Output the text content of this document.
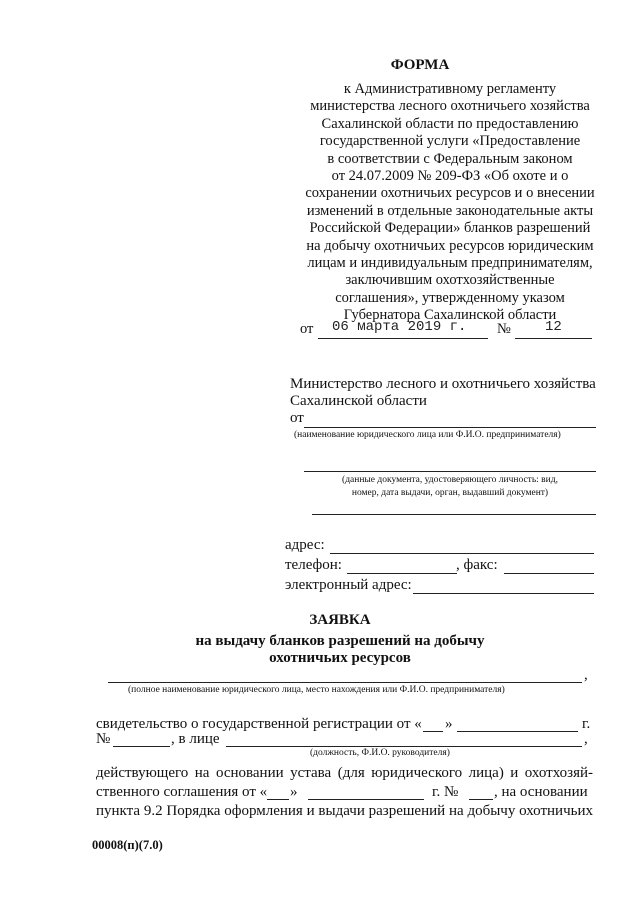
ФОРМА
к Административному регламенту
министерства лесного охотничьего хозяйства
Сахалинской области по предоставлению
государственной услуги «Предоставление
в соответствии с Федеральным законом
от 24.07.2009 № 209-ФЗ «Об охоте и о
сохранении охотничьих ресурсов и о внесении
изменений в отдельные законодательные акты
Российской Федерации» бланков разрешений
на добычу охотничьих ресурсов юридическим
лицам и индивидуальным предпринимателям,
заключившим охотхозяйственные
соглашения», утвержденному указом
Губернатора Сахалинской области
от 06 марта 2019 г. № 12
Министерство лесного и охотничьего хозяйства
Сахалинской области
от
(наименование юридического лица или Ф.И.О. предпринимателя)
(данные документа, удостоверяющего личность: вид,
номер, дата выдачи, орган, выдавший документ)
адрес:
телефон:	, факс:
электронный адрес:
ЗАЯВКА
на выдачу бланков разрешений на добычу
охотничьих ресурсов
,
(полное наименование юридического лица, место нахождения или Ф.И.О. предпринимателя)
свидетельство о государственной регистрации от « »	г.
№	, в лице	,
(должность, Ф.И.О. руководителя)
действующего на основании устава (для юридического лица) и охотхозяй-
ственного соглашения от « »	г. № , на основании
пункта 9.2 Порядка оформления и выдачи разрешений на добычу охотничьих
00008(п)(7.0)
